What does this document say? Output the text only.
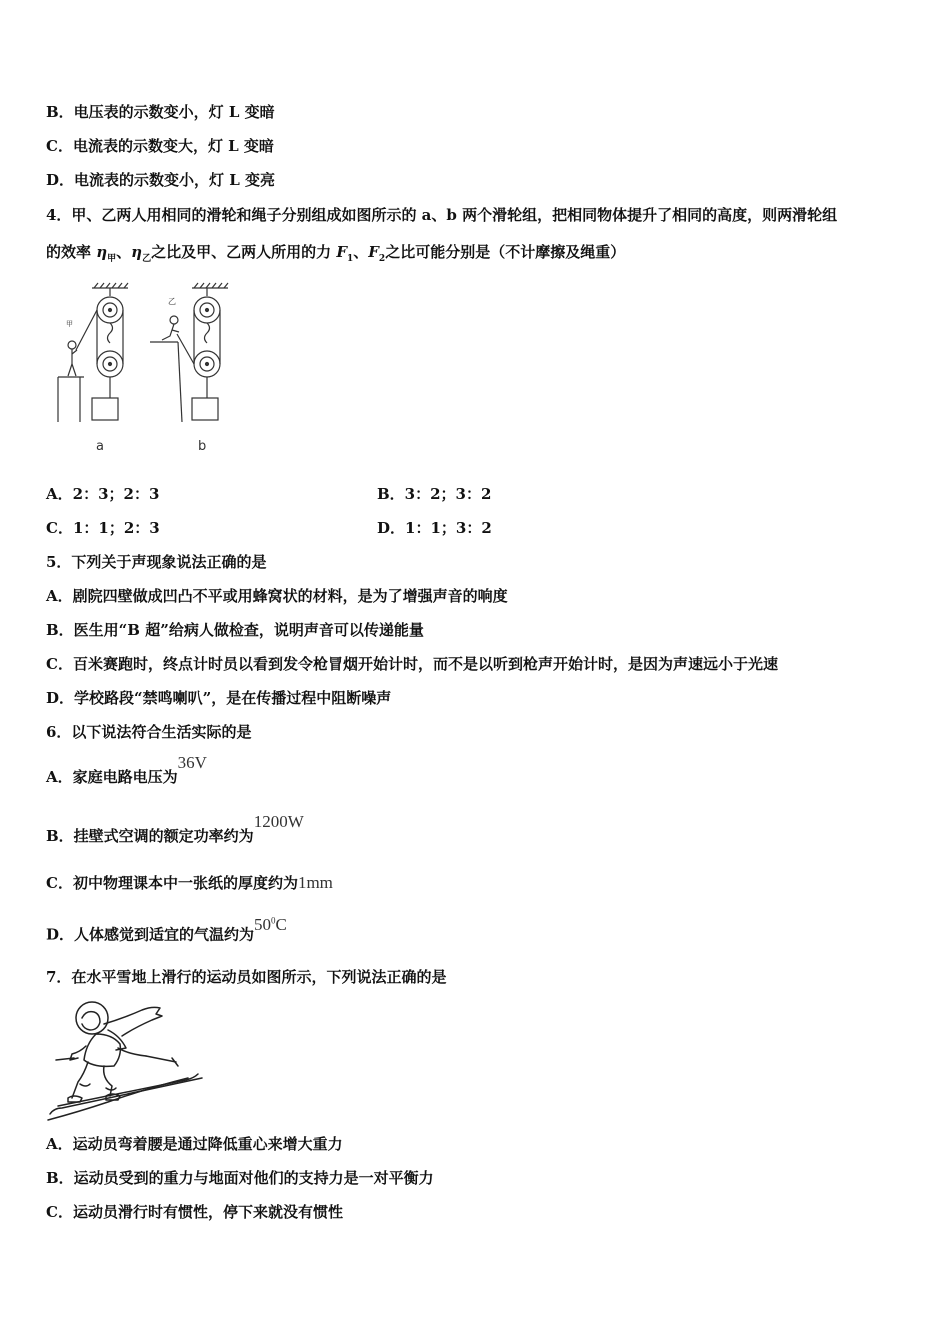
B．电压表的示数变小，灯 L 变暗
C．电流表的示数变大，灯 L 变暗
D．电流表的示数变小，灯 L 变亮
4．甲、乙两人用相同的滑轮和绳子分别组成如图所示的 a、b 两个滑轮组，把相同物体提升了相同的高度，则两滑轮组
的效率 $\eta_甲$、$\eta_乙$之比及甲、乙两人所用的力 $F_1$、$F_2$之比可能分别是（不计摩擦及绳重）
甲
乙
a	b
A．2：3；2：3	B．3：2；3：2
C．1：1；2：3	D．1：1；3：2
5．下列关于声现象说法正确的是
A．剧院四壁做成凹凸不平或用蜂窝状的材料，是为了增强声音的响度
B．医生用“B 超”给病人做检查，说明声音可以传递能量
C．百米赛跑时，终点计时员以看到发令枪冒烟开始计时，而不是以听到枪声开始计时，是因为声速远小于光速
D．学校路段“禁鸣喇叭”，是在传播过程中阻断噪声
6．以下说法符合生活实际的是
A．家庭电路电压为36V
B．挂壁式空调的额定功率约为1200W
C．初中物理课本中一张纸的厚度约为1mm
D．人体感觉到适宜的气温约为$50^0C$
7．在水平雪地上滑行的运动员如图所示，下列说法正确的是
A．运动员弯着腰是通过降低重心来增大重力
B．运动员受到的重力与地面对他们的支持力是一对平衡力
C．运动员滑行时有惯性，停下来就没有惯性
